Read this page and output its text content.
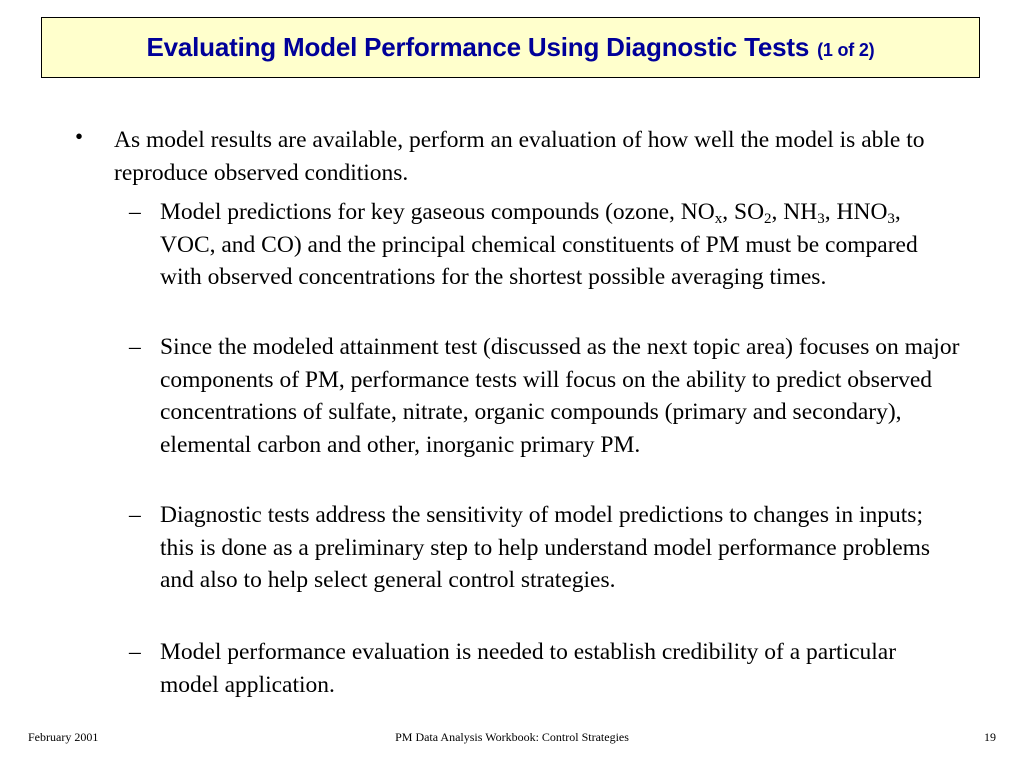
Evaluating Model Performance Using Diagnostic Tests (1 of 2)
• As model results are available, perform an evaluation of how well the model is able to reproduce observed conditions.
– Model predictions for key gaseous compounds (ozone, $NO_x$, $SO_2$, $NH_3$, $HNO_3$, VOC, and CO) and the principal chemical constituents of PM must be compared with observed concentrations for the shortest possible averaging times.
– Since the modeled attainment test (discussed as the next topic area) focuses on major components of PM, performance tests will focus on the ability to predict observed concentrations of sulfate, nitrate, organic compounds (primary and secondary), elemental carbon and other, inorganic primary PM.
– Diagnostic tests address the sensitivity of model predictions to changes in inputs; this is done as a preliminary step to help understand model performance problems and also to help select general control strategies.
– Model performance evaluation is needed to establish credibility of a particular model application.
February 2001	PM Data Analysis Workbook: Control Strategies	19
